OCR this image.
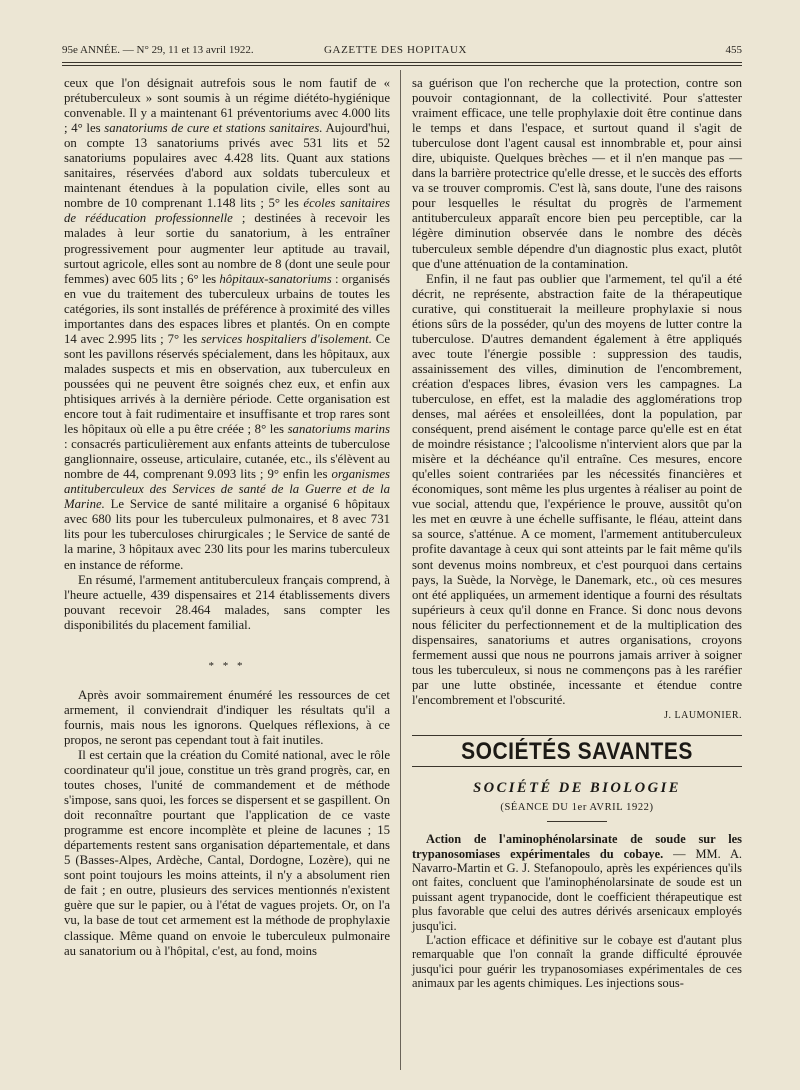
95e ANNÉE. — N° 29, 11 et 13 avril 1922.	GAZETTE DES HOPITAUX	455

ceux que l'on désignait autrefois sous le nom fautif de « prétuberculeux » sont soumis à un régime diététo-hygiénique convenable. Il y a maintenant 61 préventoriums avec 4.000 lits ; 4° les sanatoriums de cure et stations sanitaires. Aujourd'hui, on compte 13 sanatoriums privés avec 531 lits et 52 sanatoriums populaires avec 4.428 lits. Quant aux stations sanitaires, réservées d'abord aux soldats tuberculeux et maintenant étendues à la population civile, elles sont au nombre de 10 comprenant 1.148 lits ; 5° les écoles sanitaires de rééducation professionnelle ; destinées à recevoir les malades à leur sortie du sanatorium, à les entraîner progressivement pour augmenter leur aptitude au travail, surtout agricole, elles sont au nombre de 8 (dont une seule pour femmes) avec 605 lits ; 6° les hôpitaux-sanatoriums : organisés en vue du traitement des tuberculeux urbains de toutes les catégories, ils sont installés de préférence à proximité des villes importantes dans des espaces libres et plantés. On en compte 14 avec 2.995 lits ; 7° les services hospitaliers d'isolement. Ce sont les pavillons réservés spécialement, dans les hôpitaux, aux malades suspects et mis en observation, aux tuberculeux en poussées qui ne peuvent être soignés chez eux, et enfin aux phtisiques arrivés à la dernière période. Cette organisation est encore tout à fait rudimentaire et insuffisante et trop rares sont les hôpitaux où elle a pu être créée ; 8° les sanatoriums marins : consacrés particulièrement aux enfants atteints de tuberculose ganglionnaire, osseuse, articulaire, cutanée, etc., ils s'élèvent au nombre de 44, comprenant 9.093 lits ; 9° enfin les organismes antituberculeux des Services de santé de la Guerre et de la Marine. Le Service de santé militaire a organisé 6 hôpitaux avec 680 lits pour les tuberculeux pulmonaires, et 8 avec 731 lits pour les tuberculoses chirurgicales ; le Service de santé de la marine, 3 hôpitaux avec 230 lits pour les marins tuberculeux en instance de réforme.

En résumé, l'armement antituberculeux français comprend, à l'heure actuelle, 439 dispensaires et 214 établissements divers pouvant recevoir 28.464 malades, sans compter les disponibilités du placement familial.

* * *

Après avoir sommairement énuméré les ressources de cet armement, il conviendrait d'indiquer les résultats qu'il a fournis, mais nous les ignorons. Quelques réflexions, à ce propos, ne seront pas cependant tout à fait inutiles.

Il est certain que la création du Comité national, avec le rôle coordinateur qu'il joue, constitue un très grand progrès, car, en toutes choses, l'unité de commandement et de méthode s'impose, sans quoi, les forces se dispersent et se gaspillent. On doit reconnaître pourtant que l'application de ce vaste programme est encore incomplète et pleine de lacunes ; 15 départements restent sans organisation départementale, et dans 5 (Basses-Alpes, Ardèche, Cantal, Dordogne, Lozère), qui ne sont point toujours les moins atteints, il n'y a absolument rien de fait ; en outre, plusieurs des services mentionnés n'existent guère que sur le papier, ou à l'état de vagues projets. Or, on l'a vu, la base de tout cet armement est la méthode de prophylaxie classique. Même quand on envoie le tuberculeux pulmonaire au sanatorium ou à l'hôpital, c'est, au fond, moins

sa guérison que l'on recherche que la protection, contre son pouvoir contagionnant, de la collectivité. Pour s'attester vraiment efficace, une telle prophylaxie doit être continue dans le temps et dans l'espace, et surtout quand il s'agit de tuberculose dont l'agent causal est innombrable et, pour ainsi dire, ubiquiste. Quelques brèches — et il n'en manque pas — dans la barrière protectrice qu'elle dresse, et le succès des efforts va se trouver compromis. C'est là, sans doute, l'une des raisons pour lesquelles le résultat du progrès de l'armement antituberculeux apparaît encore bien peu perceptible, car la légère diminution observée dans le nombre des décès tuberculeux semble dépendre d'un diagnostic plus exact, plutôt que d'une atténuation de la contamination.

Enfin, il ne faut pas oublier que l'armement, tel qu'il a été décrit, ne représente, abstraction faite de la thérapeutique curative, qui constituerait la meilleure prophylaxie si nous étions sûrs de la posséder, qu'un des moyens de lutter contre la tuberculose. D'autres demandent également à être appliqués avec toute l'énergie possible : suppression des taudis, assainissement des villes, diminution de l'encombrement, création d'espaces libres, évasion vers les campagnes. La tuberculose, en effet, est la maladie des agglomérations trop denses, mal aérées et ensoleillées, dont la population, par conséquent, prend aisément le contage parce qu'elle est en état de moindre résistance ; l'alcoolisme n'intervient alors que par la misère et la déchéance qu'il entraîne. Ces mesures, encore qu'elles soient contrariées par les nécessités financières et économiques, sont même les plus urgentes à réaliser au point de vue social, attendu que, l'expérience le prouve, aussitôt qu'on les met en œuvre à une échelle suffisante, le fléau, atteint dans sa source, s'atténue. A ce moment, l'armement antituberculeux profite davantage à ceux qui sont atteints par le fait même qu'ils sont devenus moins nombreux, et c'est pourquoi dans certains pays, la Suède, la Norvège, le Danemark, etc., où ces mesures ont été appliquées, un armement identique a fourni des résultats supérieurs à ceux qu'il donne en France. Si donc nous devons nous féliciter du perfectionnement et de la multiplication des dispensaires, sanatoriums et autres organisations, croyons fermement aussi que nous ne pourrons jamais arriver à soigner tous les tuberculeux, si nous ne commençons pas à les raréfier par une lutte obstinée, incessante et étendue contre l'encombrement et l'obscurité.

J. LAUMONIER.
SOCIÉTÉS SAVANTES
SOCIÉTÉ DE BIOLOGIE
(SÉANCE DU 1er AVRIL 1922)

Action de l'aminophénolarsinate de soude sur les trypanosomiases expérimentales du cobaye. — MM. A. Navarro-Martin et G. J. Stefanopoulo, après les expériences qu'ils ont faites, concluent que l'aminophénolarsinate de soude est un puissant agent trypanocide, dont le coefficient thérapeutique est plus favorable que celui des autres dérivés arsenicaux employés jusqu'ici.

L'action efficace et définitive sur le cobaye est d'autant plus remarquable que l'on connaît la grande difficulté éprouvée jusqu'ici pour guérir les trypanosomiases expérimentales de ces animaux par les agents chimiques. Les injections sous-
